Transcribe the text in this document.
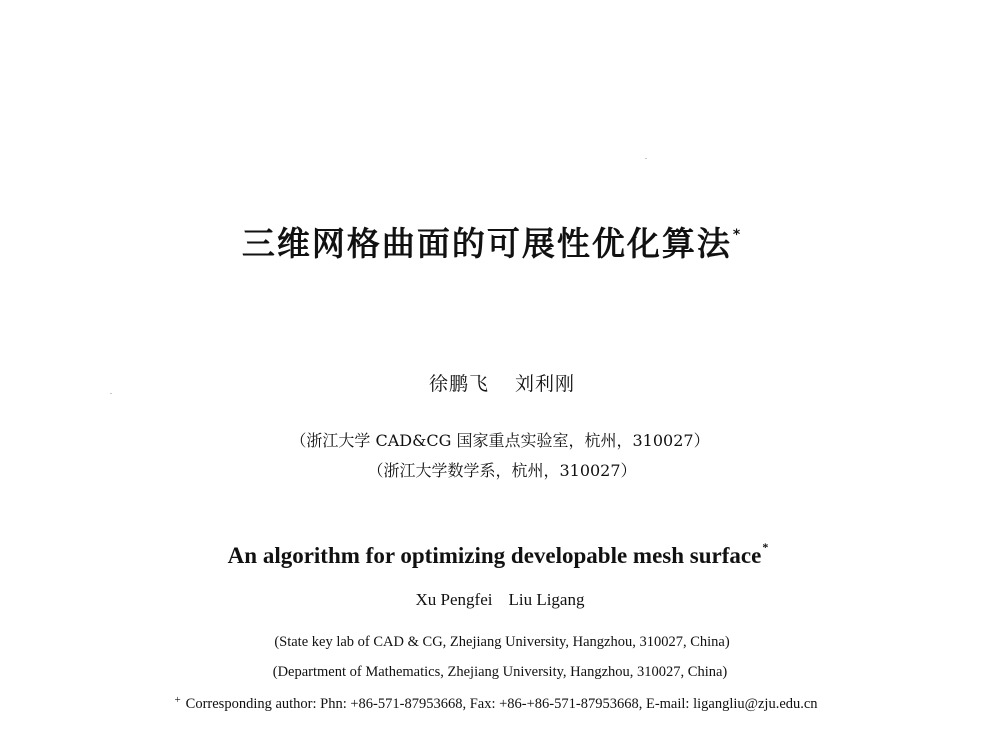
三维网格曲面的可展性优化算法*
徐鹏飞 刘利刚
（浙江大学 CAD&CG 国家重点实验室，杭州，310027）
（浙江大学数学系，杭州，310027）
An algorithm for optimizing developable mesh surface*
Xu Pengfei Liu Ligang
(State key lab of CAD & CG, Zhejiang University, Hangzhou, 310027, China)
(Department of Mathematics, Zhejiang University, Hangzhou, 310027, China)
+ Corresponding author: Phn: +86-571-87953668, Fax: +86-+86-571-87953668, E-mail: ligangliu@zju.edu.cn
